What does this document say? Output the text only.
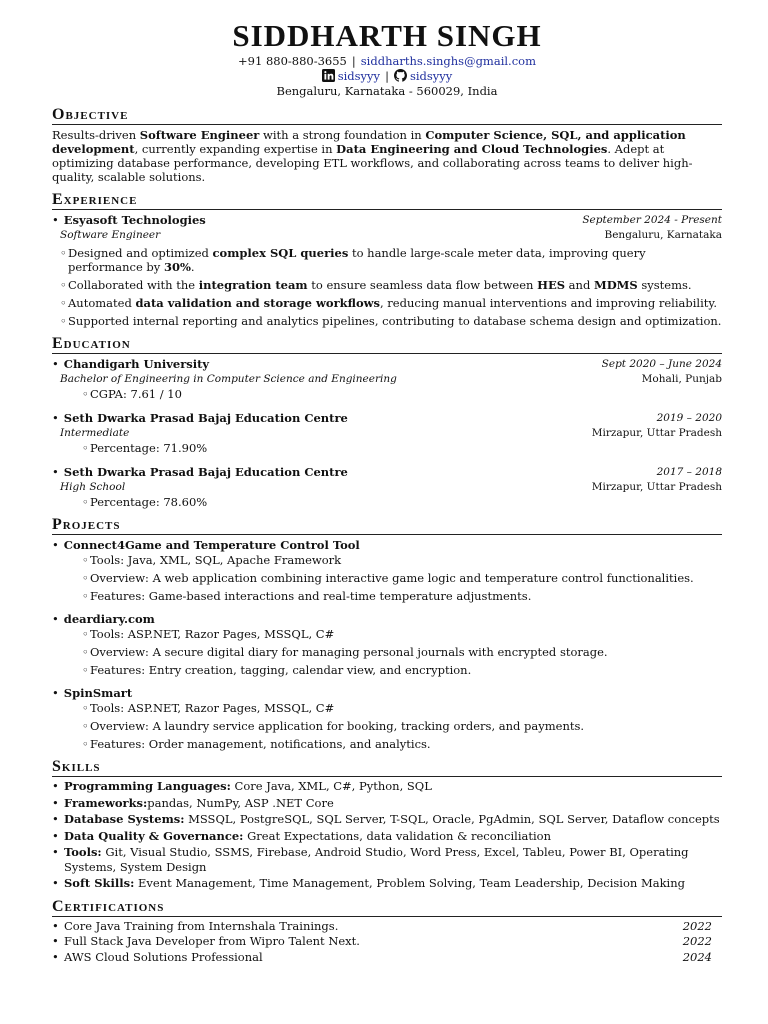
SIDDHARTH SINGH
+91 880-880-3655 | siddharths.singhs@gmail.com
sidsyyy | sidsyyy
Bengaluru, Karnataka - 560029, India
Objective
Results-driven Software Engineer with a strong foundation in Computer Science, SQL, and application development, currently expanding expertise in Data Engineering and Cloud Technologies. Adept at optimizing database performance, developing ETL workflows, and collaborating across teams to deliver high-quality, scalable solutions.
Experience
• Esyasoft Technologies	September 2024 - Present
Software Engineer	Bengaluru, Karnataka
◦ Designed and optimized complex SQL queries to handle large-scale meter data, improving query performance by 30%.
◦ Collaborated with the integration team to ensure seamless data flow between HES and MDMS systems.
◦ Automated data validation and storage workflows, reducing manual interventions and improving reliability.
◦ Supported internal reporting and analytics pipelines, contributing to database schema design and optimization.
Education
• Chandigarh University	Sept 2020 – June 2024
Bachelor of Engineering in Computer Science and Engineering	Mohali, Punjab
◦ CGPA: 7.61 / 10
• Seth Dwarka Prasad Bajaj Education Centre	2019 – 2020
Intermediate	Mirzapur, Uttar Pradesh
◦ Percentage: 71.90%
• Seth Dwarka Prasad Bajaj Education Centre	2017 – 2018
High School	Mirzapur, Uttar Pradesh
◦ Percentage: 78.60%
Projects
• Connect4Game and Temperature Control Tool
◦ Tools: Java, XML, SQL, Apache Framework
◦ Overview: A web application combining interactive game logic and temperature control functionalities.
◦ Features: Game-based interactions and real-time temperature adjustments.
• deardiary.com
◦ Tools: ASP.NET, Razor Pages, MSSQL, C#
◦ Overview: A secure digital diary for managing personal journals with encrypted storage.
◦ Features: Entry creation, tagging, calendar view, and encryption.
• SpinSmart
◦ Tools: ASP.NET, Razor Pages, MSSQL, C#
◦ Overview: A laundry service application for booking, tracking orders, and payments.
◦ Features: Order management, notifications, and analytics.
Skills
• Programming Languages: Core Java, XML, C#, Python, SQL
• Frameworks:pandas, NumPy, ASP .NET Core
• Database Systems: MSSQL, PostgreSQL, SQL Server, T-SQL, Oracle, PgAdmin, SQL Server, Dataflow concepts
• Data Quality & Governance: Great Expectations, data validation & reconciliation
• Tools: Git, Visual Studio, SSMS, Firebase, Android Studio, Word Press, Excel, Tableu, Power BI, Operating Systems, System Design
• Soft Skills: Event Management, Time Management, Problem Solving, Team Leadership, Decision Making
Certifications
• Core Java Training from Internshala Trainings.	2022
• Full Stack Java Developer from Wipro Talent Next.	2022
• AWS Cloud Solutions Professional	2024
